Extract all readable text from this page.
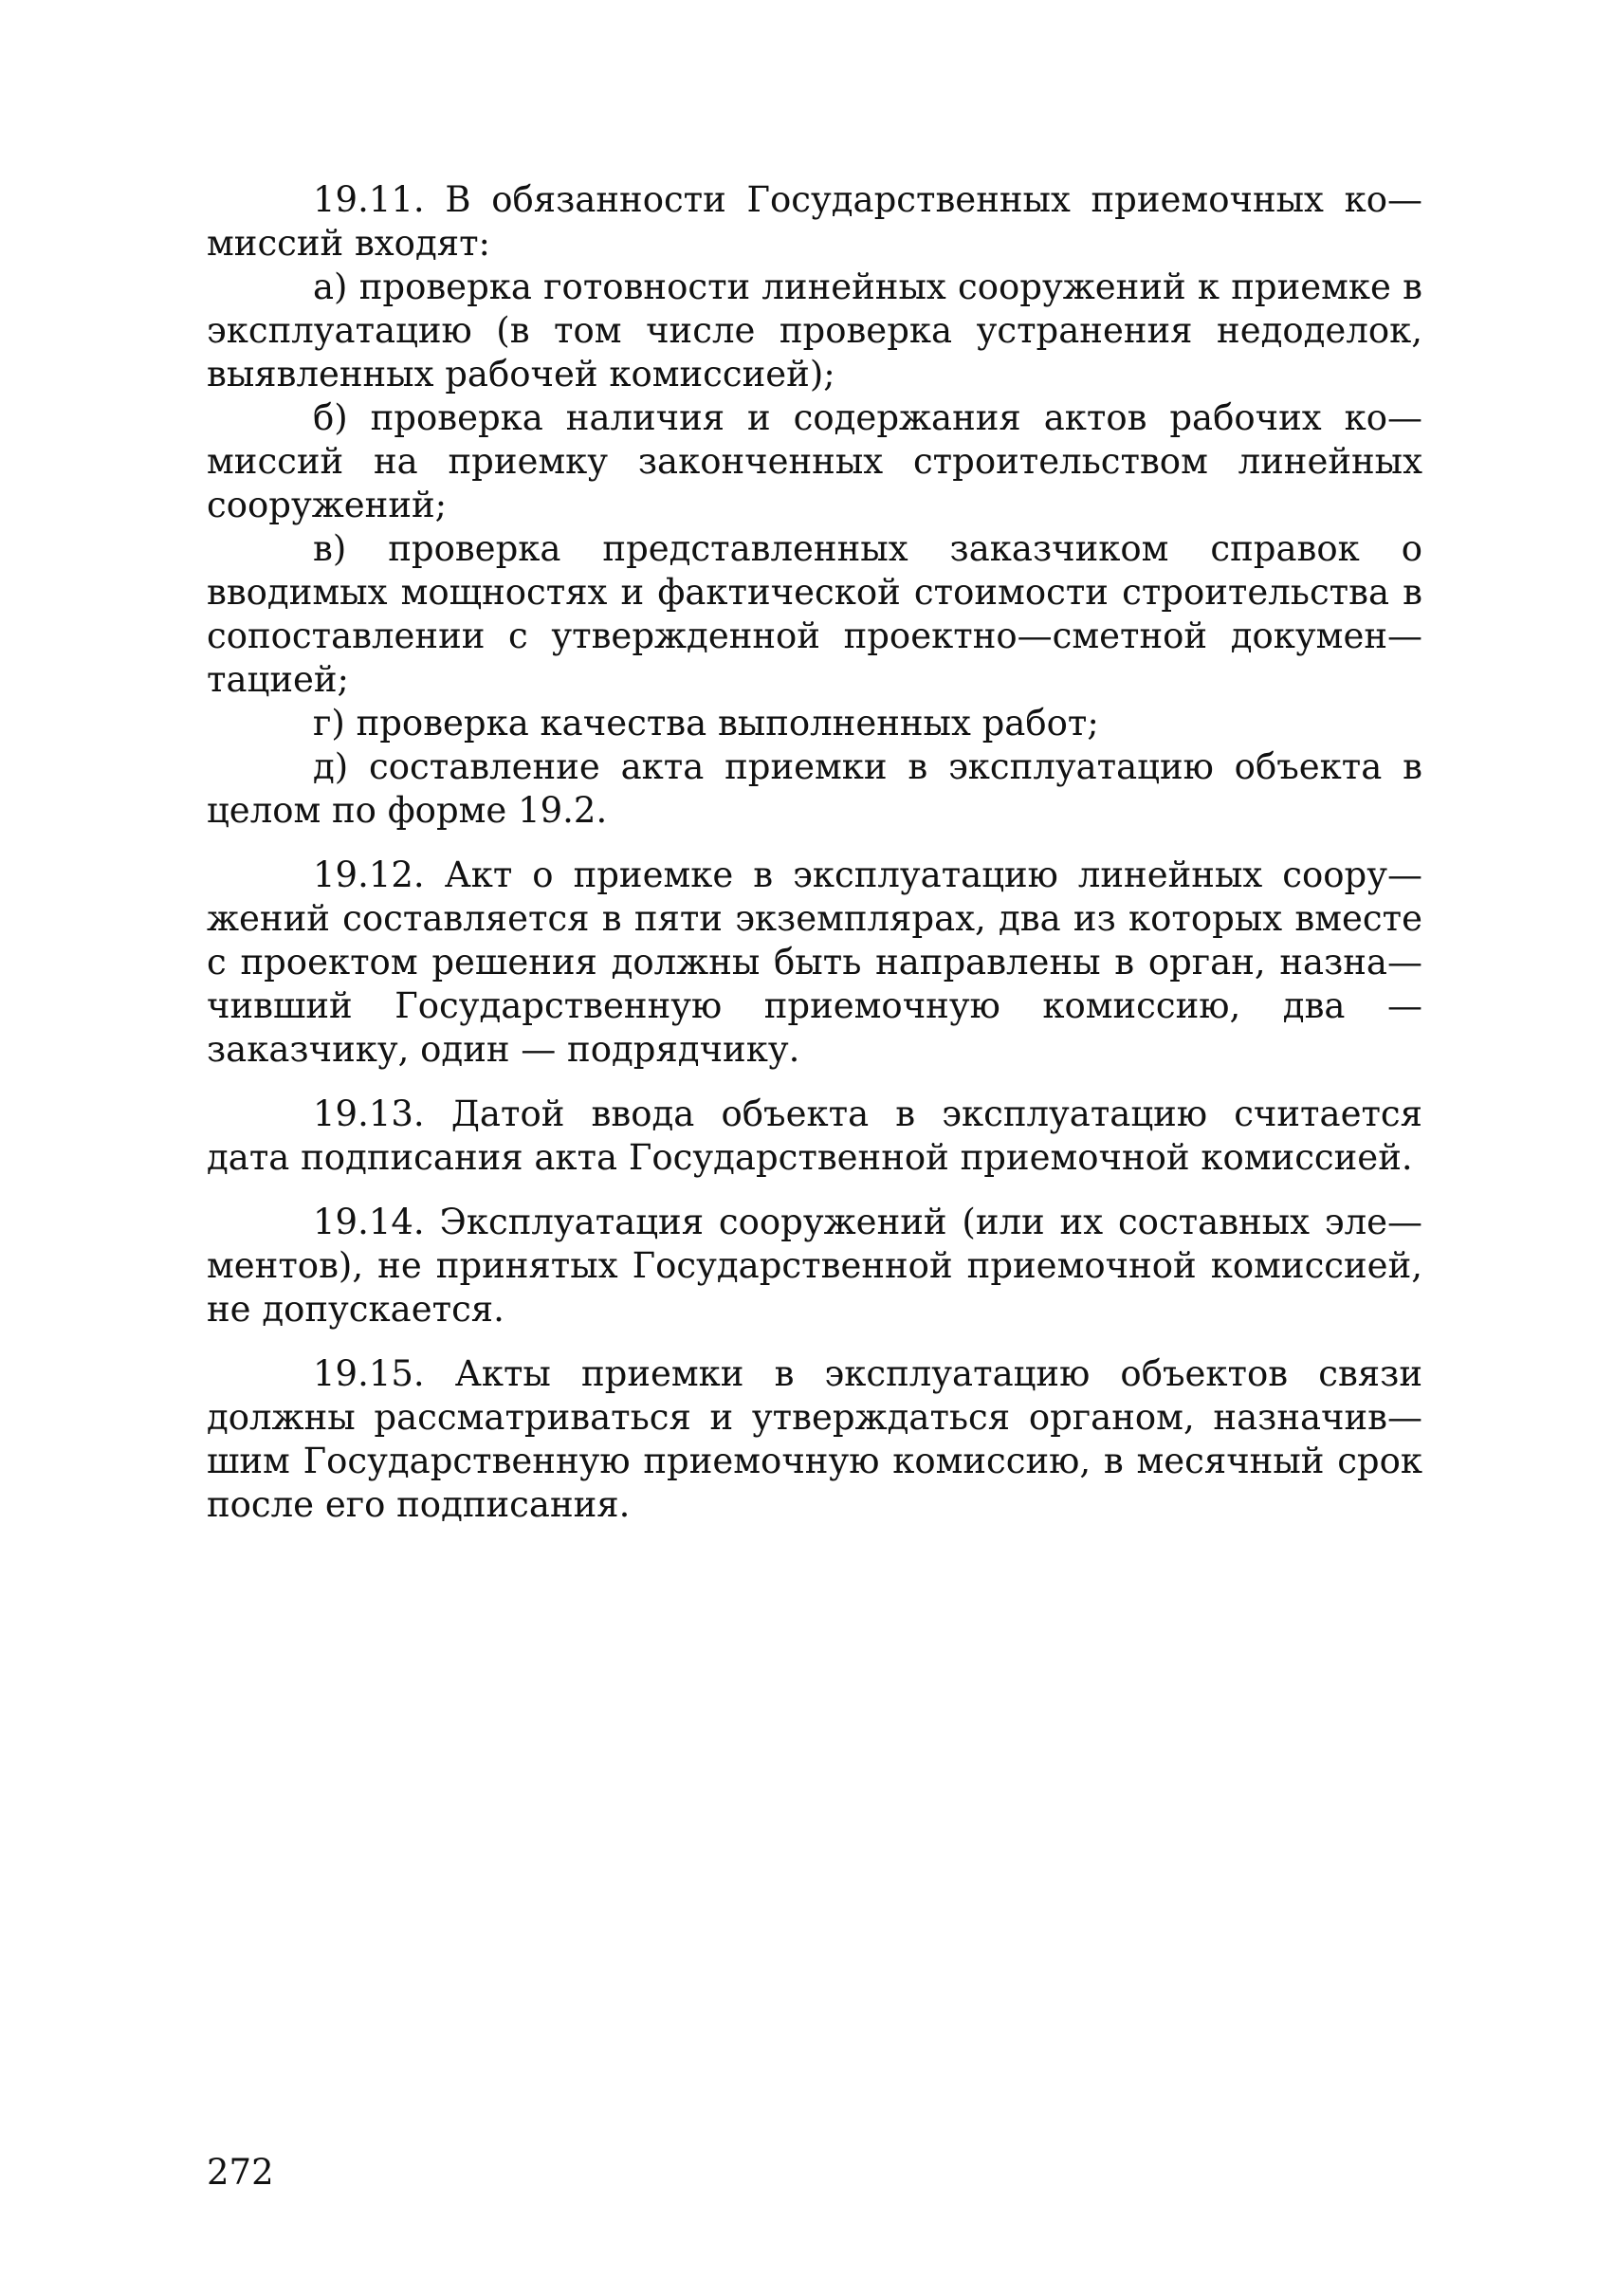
19.11. В обязанности Государственных приемочных ко— миссий входят:

а) проверка готовности линейных сооружений к приемке в эксплуатацию (в том числе проверка устранения недоделок, выявленных рабочей комиссией);

б) проверка наличия и содержания актов рабочих ко— миссий на приемку законченных строительством линейных сооружений;

в) проверка представленных заказчиком справок о вводимых мощностях и фактической стоимости строительства в сопоставлении с утвержденной проектно—сметной докумен— тацией;

г) проверка качества выполненных работ;

д) составление акта приемки в эксплуатацию объекта в целом по форме 19.2.

19.12. Акт о приемке в эксплуатацию линейных соору— жений составляется в пяти экземплярах, два из которых вместе с проектом решения должны быть направлены в орган, назна— чивший Государственную приемочную комиссию, два — заказчику, один — подрядчику.

19.13. Датой ввода объекта в эксплуатацию считается дата подписания акта Государственной приемочной комиссией.

19.14. Эксплуатация сооружений (или их составных эле— ментов), не принятых Государственной приемочной комиссией, не допускается.

19.15. Акты приемки в эксплуатацию объектов связи должны рассматриваться и утверждаться органом, назначив— шим Государственную приемочную комиссию, в месячный срок после его подписания.

272
